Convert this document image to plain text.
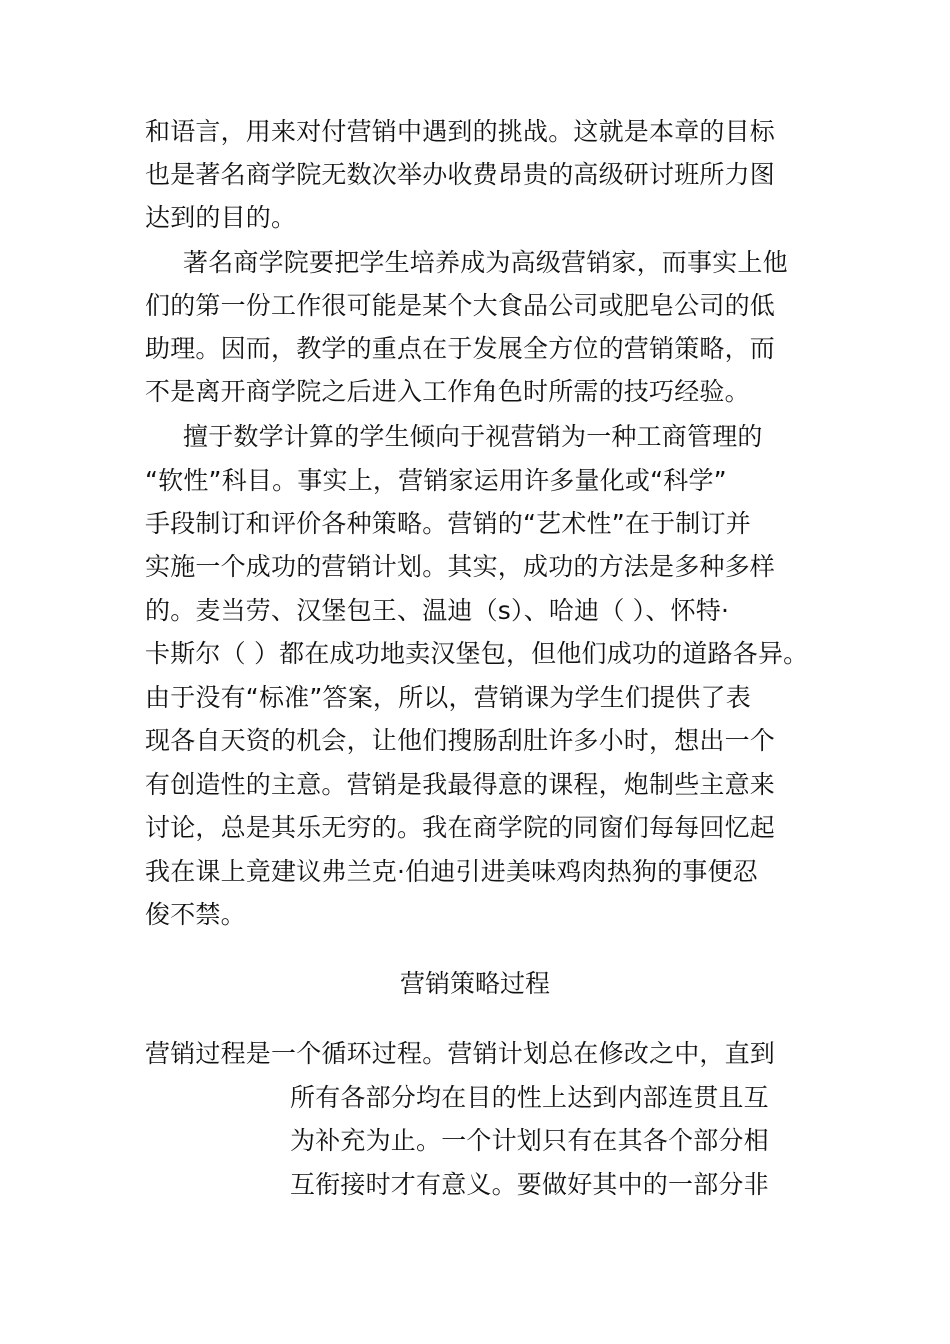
和语言，用来对付营销中遇到的挑战。这就是本章的目标
也是著名商学院无数次举办收费昂贵的高级研讨班所力图
达到的目的。
著名商学院要把学生培养成为高级营销家，而事实上他
们的第一份工作很可能是某个大食品公司或肥皂公司的低
助理。因而，教学的重点在于发展全方位的营销策略，而
不是离开商学院之后进入工作角色时所需的技巧经验。
擅于数学计算的学生倾向于视营销为一种工商管理的
“软性”科目。事实上，营销家运用许多量化或“科学”
手段制订和评价各种策略。营销的“艺术性”在于制订并
实施一个成功的营销计划。其实，成功的方法是多种多样
的。麦当劳、汉堡包王、温迪（s）、哈迪（ ）、怀特·
卡斯尔（ ）都在成功地卖汉堡包，但他们成功的道路各异。
由于没有“标准”答案，所以，营销课为学生们提供了表
现各自天资的机会，让他们搜肠刮肚许多小时，想出一个
有创造性的主意。营销是我最得意的课程，炮制些主意来
讨论，总是其乐无穷的。我在商学院的同窗们每每回忆起
我在课上竟建议弗兰克·伯迪引进美味鸡肉热狗的事便忍
俊不禁。
营销策略过程
营销过程是一个循环过程。营销计划总在修改之中，直到
所有各部分均在目的性上达到内部连贯且互
为补充为止。一个计划只有在其各个部分相
互衔接时才有意义。要做好其中的一部分非
